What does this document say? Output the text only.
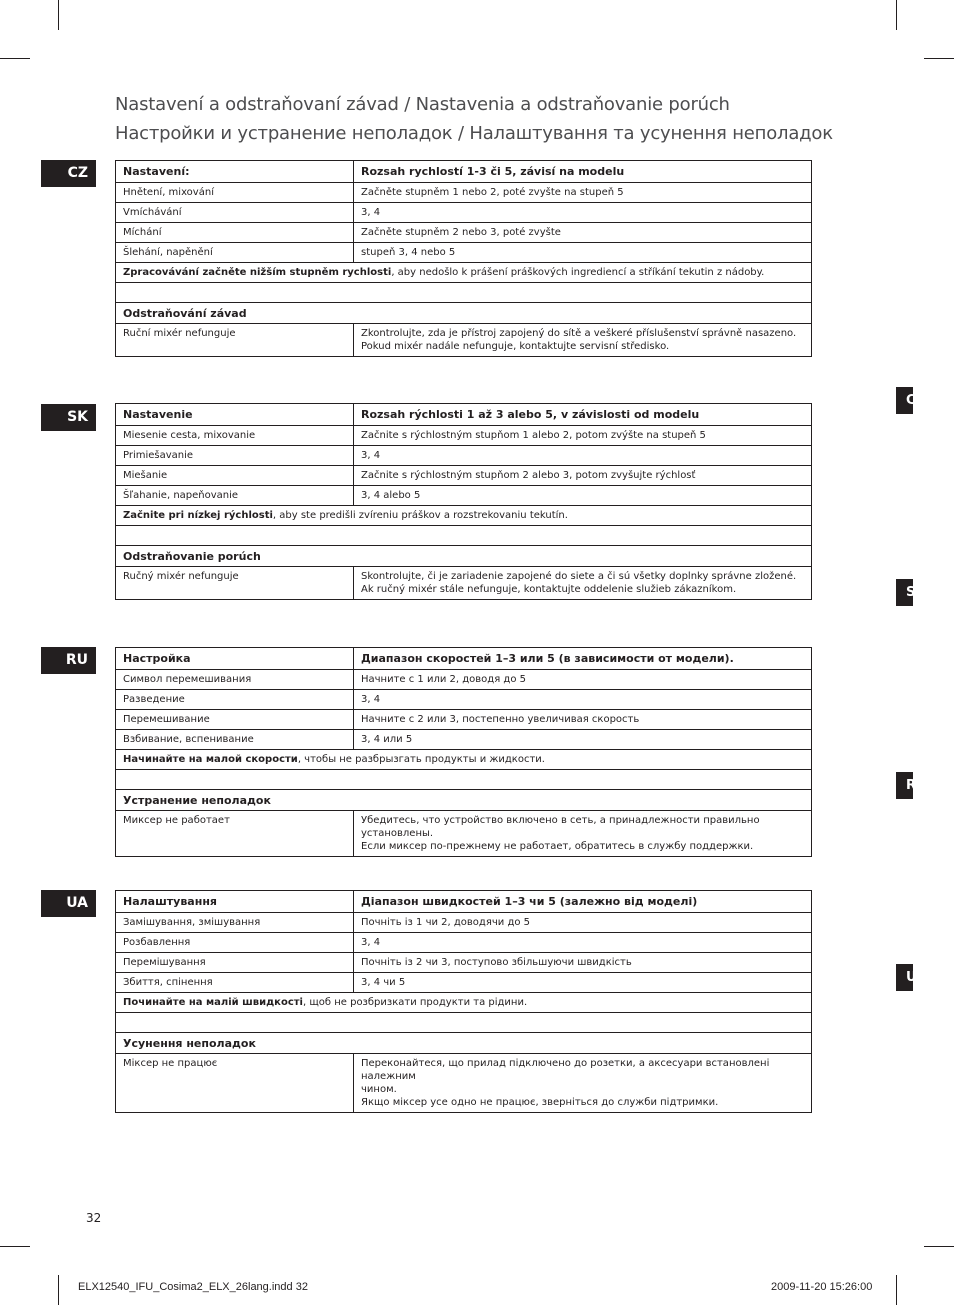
Nastavení a odstraňovaní závad / Nastavenia a odstraňovanie porúch
Настройки и устранение неполадок / Налаштування та усунення неполадок
C
S
R
U
CZ	Nastavení:	Rozsah rychlostí 1-3 či 5, závisí na modelu
Hnětení, mixování	Začněte stupněm 1 nebo 2, poté zvyšte na stupeň 5
Vmíchávání	3, 4
Míchání	Začněte stupněm 2 nebo 3, poté zvyšte
Šlehání, napěnění	stupeň 3, 4 nebo 5
Zpracovávání začněte nižším stupněm rychlosti, aby nedošlo k prášení práškových ingrediencí a stříkání tekutin z nádoby.	

Odstraňování závad	
Ruční mixér nefunguje	Zkontrolujte, zda je přístroj zapojený do sítě a veškeré příslušenství správně nasazeno.
Pokud mixér nadále nefunguje, kontaktujte servisní středisko.
SK	Nastavenie	Rozsah rýchlosti 1 až 3 alebo 5, v závislosti od modelu
Miesenie cesta, mixovanie	Začnite s rýchlostným stupňom 1 alebo 2, potom zvýšte na stupeň 5
Primiešavanie	3, 4
Miešanie	Začnite s rýchlostným stupňom 2 alebo 3, potom zvyšujte rýchlosť
Šľahanie, napeňovanie	3, 4 alebo 5
Začnite pri nízkej rýchlosti, aby ste predišli zvíreniu práškov a rozstrekovaniu tekutín.	

Odstraňovanie porúch	
Ručný mixér nefunguje	Skontrolujte, či je zariadenie zapojené do siete a či sú všetky doplnky správne zložené.
Ak ručný mixér stále nefunguje, kontaktujte oddelenie služieb zákazníkom.
RU	Настройка	Диапазон скоростей 1–3 или 5 (в зависимости от модели).
Символ перемешивания	Начните с 1 или 2, доводя до 5
Разведение	3, 4
Перемешивание	Начните с 2 или 3, постепенно увеличивая скорость
Взбивание, вспенивание	3, 4 или 5
Начинайте на малой скорости, чтобы не разбрызгать продукты и жидкости.	

Устранение неполадок	
Миксер не работает	Убедитесь, что устройство включено в сеть, а принадлежности правильно установлены.
Если миксер по-прежнему не работает, обратитесь в службу поддержки.
UA	Налаштування	Діапазон швидкостей 1–3 чи 5 (залежно від моделі)
Замішування, змішування	Почніть із 1 чи 2, доводячи до 5
Розбавлення	3, 4
Перемішування	Почніть із 2 чи 3, поступово збільшуючи швидкість
Збиття, спінення	3, 4 чи 5
Починайте на малій швидкості, щоб не розбризкати продукти та рідини.	

Усунення неполадок	
Міксер не працює	Переконайтеся, що прилад підключено до розетки, а аксесуари встановлені належним
чином.
Якщо міксер усе одно не працює, зверніться до служби підтримки.
32
ELX12540_IFU_Cosima2_ELX_26lang.indd 32	2009-11-20 15:26:00
